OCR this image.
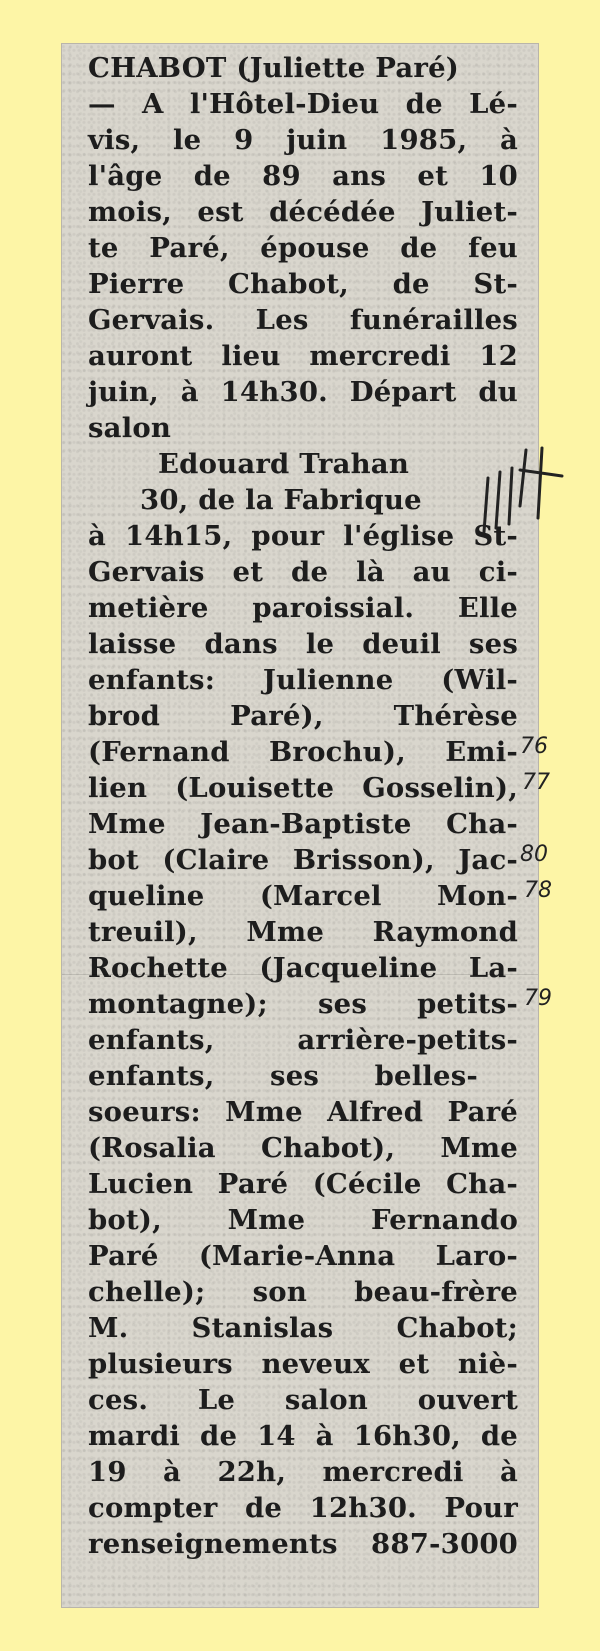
CHABOT (Juliette Paré)
— A l'Hôtel-Dieu de Lé-
vis, le 9 juin 1985, à
l'âge de 89 ans et 10
mois, est décédée Juliet-
te Paré, épouse de feu
Pierre Chabot, de St-
Gervais. Les funérailles
auront lieu mercredi 12
juin, à 14h30. Départ du
salon
Edouard Trahan
30, de la Fabrique
à 14h15, pour l'église St-
Gervais et de là au ci-
metière paroissial. Elle
laisse dans le deuil ses
enfants: Julienne (Wil-
brod Paré), Thérèse
(Fernand Brochu), Emi-
lien (Louisette Gosselin),
Mme Jean-Baptiste Cha-
bot (Claire Brisson), Jac-
queline (Marcel Mon-
treuil), Mme Raymond
Rochette (Jacqueline La-
montagne); ses petits-
enfants, arrière-petits-
enfants, ses belles-
soeurs: Mme Alfred Paré
(Rosalia Chabot), Mme
Lucien Paré (Cécile Cha-
bot), Mme Fernando
Paré (Marie-Anna Laro-
chelle); son beau-frère
M. Stanislas Chabot;
plusieurs neveux et niè-
ces. Le salon ouvert
mardi de 14 à 16h30, de
19 à 22h, mercredi à
compter de 12h30. Pour
renseignements 887-3000
76
77
80
78
79
